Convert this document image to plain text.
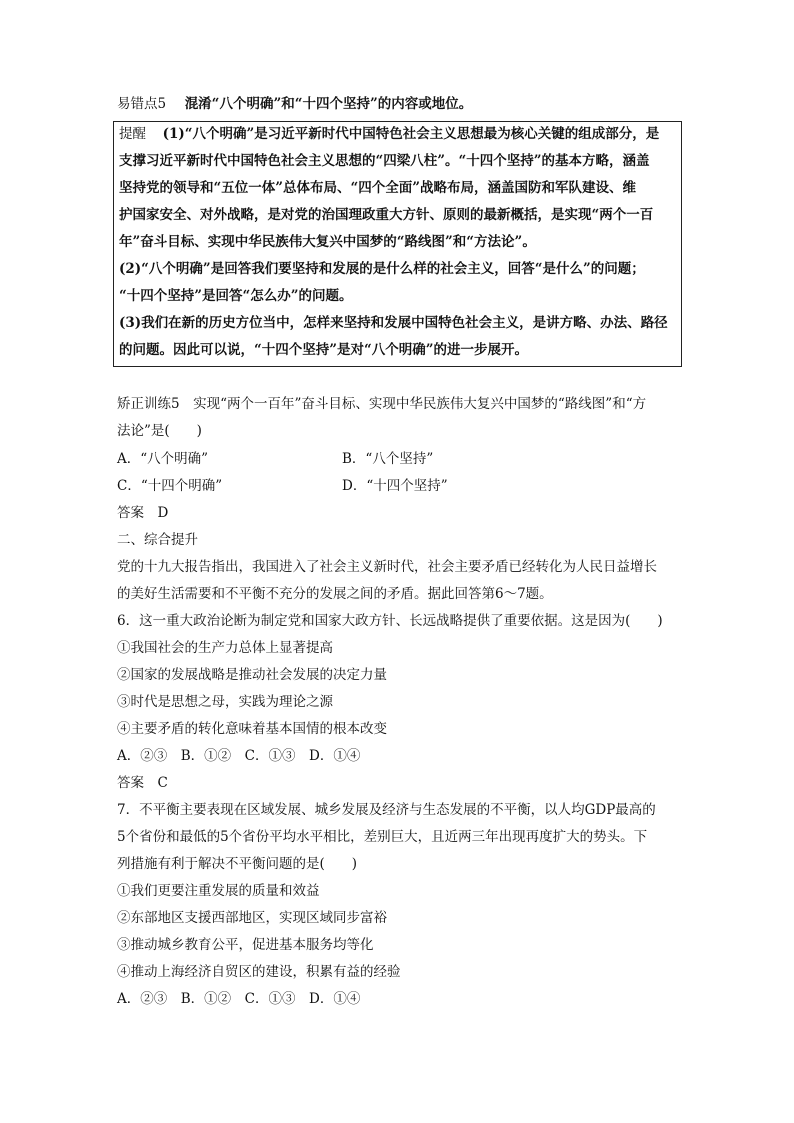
易错点5 混淆“八个明确”和“十四个坚持”的内容或地位。
提醒 (1)“八个明确”是习近平新时代中国特色社会主义思想最为核心关键的组成部分，是
支撑习近平新时代中国特色社会主义思想的“四梁八柱”。“十四个坚持”的基本方略，涵盖
坚持党的领导和“五位一体”总体布局、“四个全面”战略布局，涵盖国防和军队建设、维
护国家安全、对外战略，是对党的治国理政重大方针、原则的最新概括，是实现“两个一百
年”奋斗目标、实现中华民族伟大复兴中国梦的“路线图”和“方法论”。
(2)“八个明确”是回答我们要坚持和发展的是什么样的社会主义，回答“是什么”的问题；
“十四个坚持”是回答“怎么办”的问题。
(3)我们在新的历史方位当中，怎样来坚持和发展中国特色社会主义，是讲方略、办法、路径
的问题。因此可以说，“十四个坚持”是对“八个明确”的进一步展开。
矫正训练5　实现“两个一百年”奋斗目标、实现中华民族伟大复兴中国梦的“路线图”和“方
法论”是(　　)
A．“八个明确”	B．“八个坚持”
C．“十四个明确”	D．“十四个坚持”
答案　D
二、综合提升
党的十九大报告指出，我国进入了社会主义新时代，社会主要矛盾已经转化为人民日益增长
的美好生活需要和不平衡不充分的发展之间的矛盾。据此回答第6～7题。
6．这一重大政治论断为制定党和国家大政方针、长远战略提供了重要依据。这是因为(　　)
①我国社会的生产力总体上显著提高
②国家的发展战略是推动社会发展的决定力量
③时代是思想之母，实践为理论之源
④主要矛盾的转化意味着基本国情的根本改变
A．②③　B．①②　C．①③　D．①④
答案　C
7．不平衡主要表现在区域发展、城乡发展及经济与生态发展的不平衡，以人均GDP最高的
5个省份和最低的5个省份平均水平相比，差别巨大，且近两三年出现再度扩大的势头。下
列措施有利于解决不平衡问题的是(　　)
①我们更要注重发展的质量和效益
②东部地区支援西部地区，实现区域同步富裕
③推动城乡教育公平，促进基本服务均等化
④推动上海经济自贸区的建设，积累有益的经验
A．②③　B．①②　C．①③　D．①④
